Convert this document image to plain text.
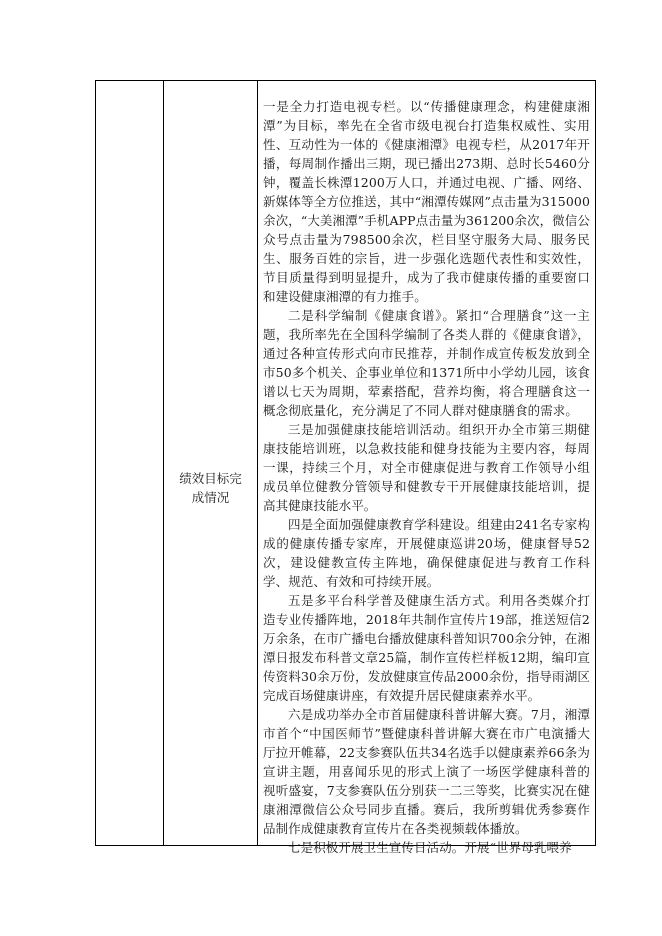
绩效目标完成情况

一是全力打造电视专栏。以“传播健康理念，构建健康湘潭”为目标，率先在全省市级电视台打造集权威性、实用性、互动性为一体的《健康湘潭》电视专栏，从2017年开播，每周制作播出三期，现已播出273期、总时长5460分钟，覆盖长株潭1200万人口，并通过电视、广播、网络、新媒体等全方位推送，其中“湘潭传媒网”点击量为315000余次，“大美湘潭”手机APP点击量为361200余次，微信公众号点击量为798500余次，栏目坚守服务大局、服务民生、服务百姓的宗旨，进一步强化选题代表性和实效性，节目质量得到明显提升，成为了我市健康传播的重要窗口和建设健康湘潭的有力推手。

二是科学编制《健康食谱》。紧扣“合理膳食”这一主题，我所率先在全国科学编制了各类人群的《健康食谱》，通过各种宣传形式向市民推荐，并制作成宣传板发放到全市50多个机关、企事业单位和1371所中小学幼儿园，该食谱以七天为周期，荤素搭配，营养均衡，将合理膳食这一概念彻底量化，充分满足了不同人群对健康膳食的需求。

三是加强健康技能培训活动。组织开办全市第三期健康技能培训班，以急救技能和健身技能为主要内容，每周一课，持续三个月，对全市健康促进与教育工作领导小组成员单位健教分管领导和健教专干开展健康技能培训，提高其健康技能水平。

四是全面加强健康教育学科建设。组建由241名专家构成的健康传播专家库，开展健康巡讲20场，健康督导52次，建设健教宣传主阵地，确保健康促进与教育工作科学、规范、有效和可持续开展。

五是多平台科学普及健康生活方式。利用各类媒介打造专业传播阵地，2018年共制作宣传片19部，推送短信2万余条，在市广播电台播放健康科普知识700余分钟，在湘潭日报发布科普文章25篇，制作宣传栏样板12期，编印宣传资料30余万份，发放健康宣传品2000余份，指导雨湖区完成百场健康讲座，有效提升居民健康素养水平。

六是成功举办全市首届健康科普讲解大赛。7月，湘潭市首个“中国医师节”暨健康科普讲解大赛在市广电演播大厅拉开帷幕，22支参赛队伍共34名选手以健康素养66条为宣讲主题，用喜闻乐见的形式上演了一场医学健康科普的视听盛宴，7支参赛队伍分别获一二三等奖，比赛实况在健康湘潭微信公众号同步直播。赛后，我所剪辑优秀参赛作品制作成健康教育宣传片在各类视频载体播放。

七是积极开展卫生宣传日活动。开展“世界母乳喂养
